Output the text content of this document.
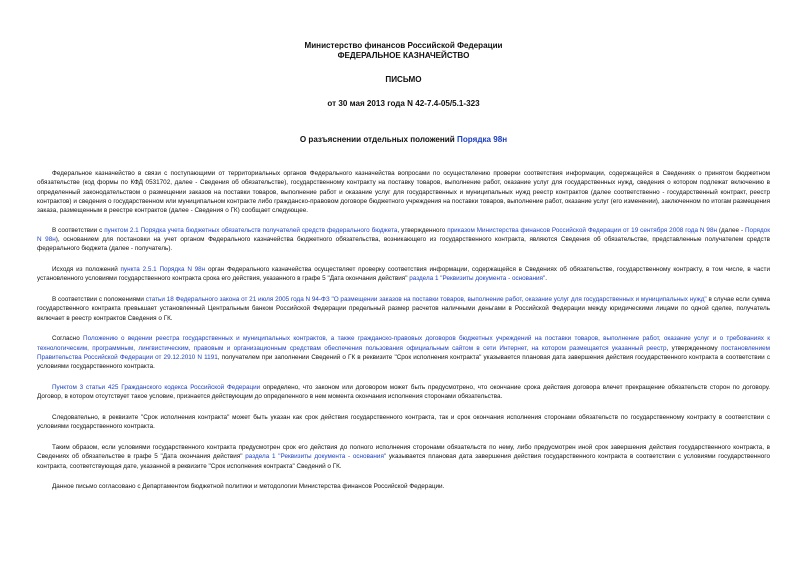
Министерство финансов Российской Федерации
ФЕДЕРАЛЬНОЕ КАЗНАЧЕЙСТВО
ПИСЬМО
от 30 мая 2013 года N 42-7.4-05/5.1-323
О разъяснении отдельных положений Порядка 98н

Федеральное казначейство в связи с поступающими от территориальных органов Федерального казначейства вопросами по осуществлению проверки соответствия информации, содержащейся в Сведениях о принятом бюджетном обязательстве (код формы по КФД 0531702, далее - Сведения об обязательстве), государственному контракту на поставку товаров, выполнение работ, оказание услуг для государственных нужд, сведения о котором подлежат включению в определенный законодательством о размещении заказов на поставки товаров, выполнение работ и оказание услуг для государственных и муниципальных нужд реестр контрактов (далее соответственно - государственный контракт, реестр контрактов) и сведения о государственном или муниципальном контракте либо гражданско-правовом договоре бюджетного учреждения на поставки товаров, выполнение работ, оказание услуг (его изменении), заключенном по итогам размещения заказа, размещенным в реестре контрактов (далее - Сведения о ГК) сообщает следующее.

В соответствии с пунктом 2.1 Порядка учета бюджетных обязательств получателей средств федерального бюджета, утвержденного приказом Министерства финансов Российской Федерации от 19 сентября 2008 года N 98н (далее - Порядок N 98н), основанием для постановки на учет органом Федерального казначейства бюджетного обязательства, возникающего из государственного контракта, являются Сведения об обязательстве, представленные получателем средств федерального бюджета (далее - получатель).

Исходя из положений пункта 2.5.1 Порядка N 98н орган Федерального казначейства осуществляет проверку соответствия информации, содержащейся в Сведениях об обязательстве, государственному контракту, в том числе, в части установленного условиями государственного контракта срока его действия, указанного в графе 5 "Дата окончания действия" раздела 1 "Реквизиты документа - основания".

В соответствии с положениями статьи 18 Федерального закона от 21 июля 2005 года N 94-ФЗ "О размещении заказов на поставки товаров, выполнение работ, оказание услуг для государственных и муниципальных нужд" в случае если сумма государственного контракта превышает установленный Центральным банком Российской Федерации предельный размер расчетов наличными деньгами в Российской Федерации между юридическими лицами по одной сделке, получатель включает в реестр контрактов Сведения о ГК.

Согласно Положению о ведении реестра государственных и муниципальных контрактов, а также гражданско-правовых договоров бюджетных учреждений на поставки товаров, выполнение работ, оказание услуг и о требованиях к технологическим, программным, лингвистическим, правовым и организационным средствам обеспечения пользования официальным сайтом в сети Интернет, на котором размещается указанный реестр, утвержденному постановлением Правительства Российской Федерации от 29.12.2010 N 1191, получателем при заполнении Сведений о ГК в реквизите "Срок исполнения контракта" указывается плановая дата завершения действия государственного контракта в соответствии с условиями государственного контракта.

Пунктом 3 статьи 425 Гражданского кодекса Российской Федерации определено, что законом или договором может быть предусмотрено, что окончание срока действия договора влечет прекращение обязательств сторон по договору. Договор, в котором отсутствует такое условие, признается действующим до определенного в нем момента окончания исполнения сторонами обязательства.

Следовательно, в реквизите "Срок исполнения контракта" может быть указан как срок действия государственного контракта, так и срок окончания исполнения сторонами обязательств по государственному контракту в соответствии с условиями государственного контракта.

Таким образом, если условиями государственного контракта предусмотрен срок его действия до полного исполнения сторонами обязательств по нему, либо предусмотрен иной срок завершения действия государственного контракта, в Сведениях об обязательстве в графе 5 "Дата окончания действия" раздела 1 "Реквизиты документа - основания" указывается плановая дата завершения действия государственного контракта в соответствии с условиями государственного контракта, соответствующая дате, указанной в реквизите "Срок исполнения контракта" Сведений о ГК.

Данное письмо согласовано с Департаментом бюджетной политики и методологии Министерства финансов Российской Федерации.
